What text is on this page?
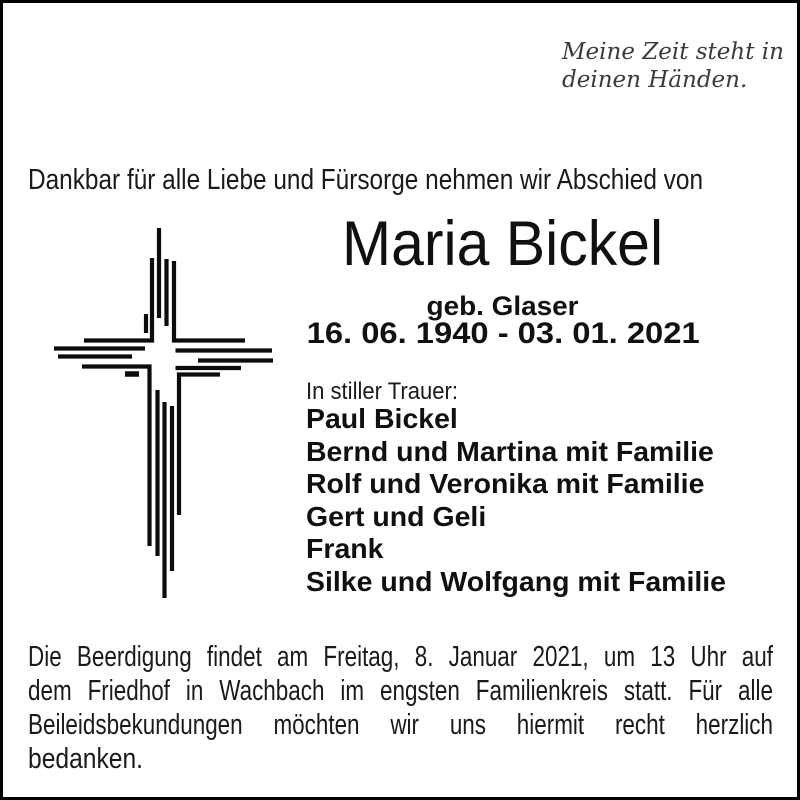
Meine Zeit steht in
deinen Händen.
Dankbar für alle Liebe und Fürsorge nehmen wir Abschied von
Maria Bickel
geb. Glaser
16. 06. 1940 - 03. 01. 2021
In stiller Trauer:
Paul Bickel
Bernd und Martina mit Familie
Rolf und Veronika mit Familie
Gert und Geli
Frank
Silke und Wolfgang mit Familie
Die Beerdigung findet am Freitag, 8. Januar 2021, um 13 Uhr auf
dem Friedhof in Wachbach im engsten Familienkreis statt. Für alle
Beileidsbekundungen möchten wir uns hiermit recht herzlich
bedanken.
